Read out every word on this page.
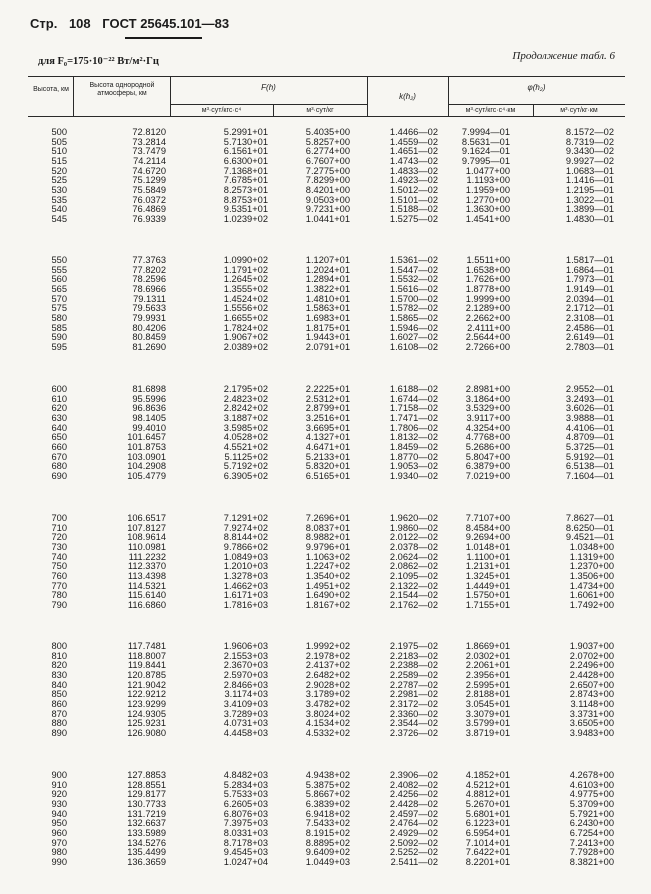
Стр. 108 ГОСТ 25645.101—83
для F₀=175·10⁻²² Вт/м²·Гц	Продолжение табл. 6
Высота, км
Высота однородной атмосферы, км
F(h)
м³·сут/кгс·с⁴	м³·сут/кг
k(h₂)
φ(h₂)
м³·сут/кгс·с⁴·км	м³·сут/кг·км
500	72.8120	5.2991+01	5.4035+00	1.4466—02	7.9994—01	8.1572—02
505	73.2814	5.7130+01	5.8257+00	1.4559—02	8.5631—01	8.7319—02
510	73.7479	6.1561+01	6.2774+00	1.4651—02	9.1624—01	9.3430—02
515	74.2114	6.6300+01	6.7607+00	1.4743—02	9.7995—01	9.9927—02
520	74.6720	7.1368+01	7.2775+00	1.4833—02	1.0477+00	1.0683—01
525	75.1299	7.6785+01	7.8299+00	1.4923—02	1.1193+00	1.1416—01
530	75.5849	8.2573+01	8.4201+00	1.5012—02	1.1959+00	1.2195—01
535	76.0372	8.8753+01	9.0503+00	1.5101—02	1.2770+00	1.3022—01
540	76.4869	9.5351+01	9.7231+00	1.5188—02	1.3630+00	1.3899—01
545	76.9339	1.0239+02	1.0441+01	1.5275—02	1.4541+00	1.4830—01
550	77.3763	1.0990+02	1.1207+01	1.5361—02	1.5511+00	1.5817—01
555	77.8202	1.1791+02	1.2024+01	1.5447—02	1.6538+00	1.6864—01
560	78.2596	1.2645+02	1.2894+01	1.5532—02	1.7626+00	1.7973—01
565	78.6966	1.3555+02	1.3822+01	1.5616—02	1.8778+00	1.9149—01
570	79.1311	1.4524+02	1.4810+01	1.5700—02	1.9999+00	2.0394—01
575	79.5633	1.5556+02	1.5863+01	1.5782—02	2.1289+00	2.1712—01
580	79.9931	1.6655+02	1.6983+01	1.5865—02	2.2662+00	2.3108—01
585	80.4206	1.7824+02	1.8175+01	1.5946—02	2.4111+00	2.4586—01
590	80.8459	1.9067+02	1.9443+01	1.6027—02	2.5644+00	2.6149—01
595	81.2690	2.0389+02	2.0791+01	1.6108—02	2.7266+00	2.7803—01
600	81.6898	2.1795+02	2.2225+01	1.6188—02	2.8981+00	2.9552—01
610	95.5996	2.4823+02	2.5312+01	1.6744—02	3.1864+00	3.2493—01
620	96.8636	2.8242+02	2.8799+01	1.7158—02	3.5329+00	3.6026—01
630	98.1405	3.1887+02	3.2516+01	1.7471—02	3.9117+00	3.9888—01
640	99.4010	3.5985+02	3.6695+01	1.7806—02	4.3254+00	4.4106—01
650	101.6457	4.0528+02	4.1327+01	1.8132—02	4.7768+00	4.8709—01
660	101.8753	4.5521+02	4.6471+01	1.8459—02	5.2686+00	5.3725—01
670	103.0901	5.1125+02	5.2133+01	1.8770—02	5.8047+00	5.9192—01
680	104.2908	5.7192+02	5.8320+01	1.9053—02	6.3879+00	6.5138—01
690	105.4779	6.3905+02	6.5165+01	1.9340—02	7.0219+00	7.1604—01
700	106.6517	7.1291+02	7.2696+01	1.9620—02	7.7107+00	7.8627—01
710	107.8127	7.9274+02	8.0837+01	1.9860—02	8.4584+00	8.6250—01
720	108.9614	8.8144+02	8.9882+01	2.0122—02	9.2694+00	9.4521—01
730	110.0981	9.7866+02	9.9796+01	2.0378—02	1.0148+01	1.0348+00
740	111.2232	1.0849+03	1.1063+02	2.0624—02	1.1100+01	1.1319+00
750	112.3370	1.2010+03	1.2247+02	2.0862—02	1.2131+01	1.2370+00
760	113.4398	1.3278+03	1.3540+02	2.1095—02	1.3245+01	1.3506+00
770	114.5321	1.4662+03	1.4951+02	2.1322—02	1.4449+01	1.4734+00
780	115.6140	1.6171+03	1.6490+02	2.1544—02	1.5750+01	1.6061+00
790	116.6860	1.7816+03	1.8167+02	2.1762—02	1.7155+01	1.7492+00
800	117.7481	1.9606+03	1.9992+02	2.1975—02	1.8669+01	1.9037+00
810	118.8007	2.1553+03	2.1978+02	2.2183—02	2.0302+01	2.0702+00
820	119.8441	2.3670+03	2.4137+02	2.2388—02	2.2061+01	2.2496+00
830	120.8785	2.5970+03	2.6482+02	2.2589—02	2.3956+01	2.4428+00
840	121.9042	2.8466+03	2.9028+02	2.2787—02	2.5995+01	2.6507+00
850	122.9212	3.1174+03	3.1789+02	2.2981—02	2.8188+01	2.8743+00
860	123.9299	3.4109+03	3.4782+02	2.3172—02	3.0545+01	3.1148+00
870	124.9305	3.7289+03	3.8024+02	2.3360—02	3.3079+01	3.3731+00
880	125.9231	4.0731+03	4.1534+02	2.3544—02	3.5799+01	3.6505+00
890	126.9080	4.4458+03	4.5332+02	2.3726—02	3.8719+01	3.9483+00
900	127.8853	4.8482+03	4.9438+02	2.3906—02	4.1852+01	4.2678+00
910	128.8551	5.2834+03	5.3875+02	2.4082—02	4.5212+01	4.6103+00
920	129.8177	5.7533+03	5.8667+02	2.4256—02	4.8812+01	4.9775+00
930	130.7733	6.2605+03	6.3839+02	2.4428—02	5.2670+01	5.3709+00
940	131.7219	6.8076+03	6.9418+02	2.4597—02	5.6801+01	5.7921+00
950	132.6637	7.3975+03	7.5433+02	2.4764—02	6.1223+01	6.2430+00
960	133.5989	8.0331+03	8.1915+02	2.4929—02	6.5954+01	6.7254+00
970	134.5276	8.7178+03	8.8895+02	2.5092—02	7.1014+01	7.2413+00
980	135.4499	9.4545+03	9.6409+02	2.5252—02	7.6422+01	7.7928+00
990	136.3659	1.0247+04	1.0449+03	2.5411—02	8.2201+01	8.3821+00
